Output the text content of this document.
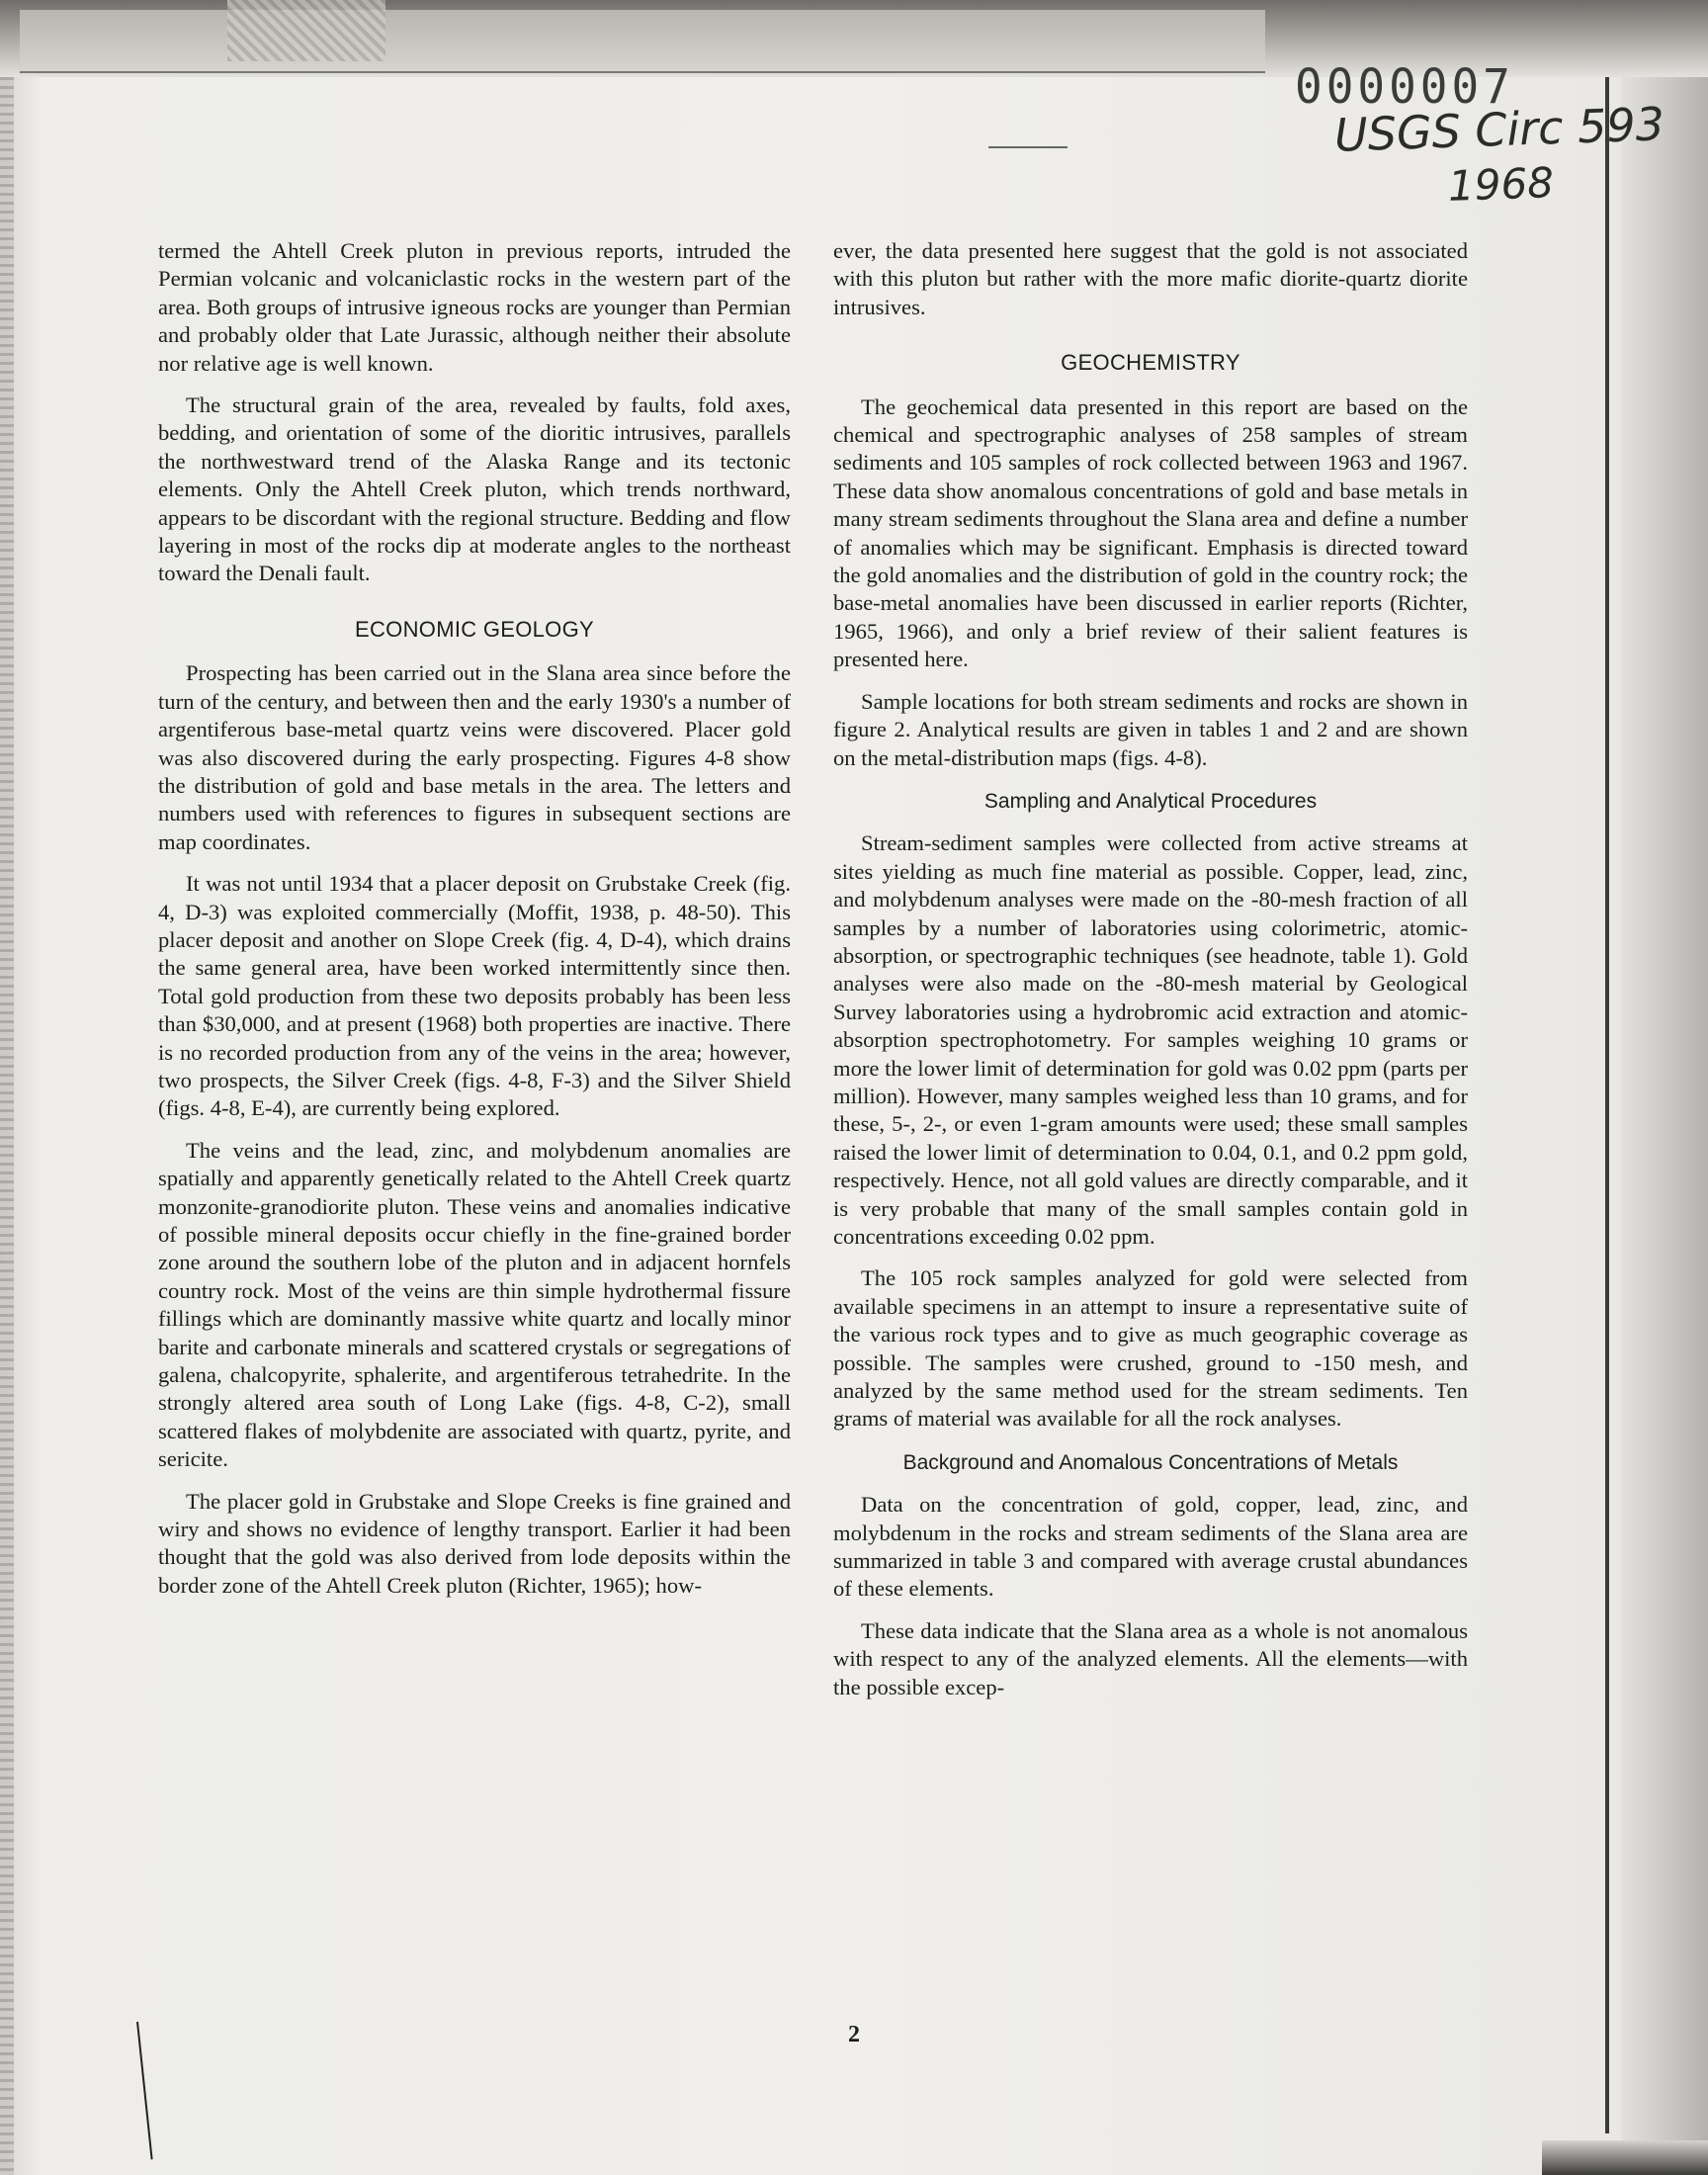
0000007
USGS Circ 593
1968

termed the Ahtell Creek pluton in previous reports, intruded the Permian volcanic and volcaniclastic rocks in the western part of the area. Both groups of intrusive igneous rocks are younger than Permian and probably older that Late Jurassic, although neither their absolute nor relative age is well known.

The structural grain of the area, revealed by faults, fold axes, bedding, and orientation of some of the dioritic intrusives, parallels the northwestward trend of the Alaska Range and its tectonic elements. Only the Ahtell Creek pluton, which trends northward, appears to be discordant with the regional structure. Bedding and flow layering in most of the rocks dip at moderate angles to the northeast toward the Denali fault.

ECONOMIC GEOLOGY

Prospecting has been carried out in the Slana area since before the turn of the century, and between then and the early 1930's a number of argentiferous base-metal quartz veins were discovered. Placer gold was also discovered during the early prospecting. Figures 4-8 show the distribution of gold and base metals in the area. The letters and numbers used with references to figures in subsequent sections are map coordinates.

It was not until 1934 that a placer deposit on Grubstake Creek (fig. 4, D-3) was exploited commercially (Moffit, 1938, p. 48-50). This placer deposit and another on Slope Creek (fig. 4, D-4), which drains the same general area, have been worked intermittently since then. Total gold production from these two deposits probably has been less than $30,000, and at present (1968) both properties are inactive. There is no recorded production from any of the veins in the area; however, two prospects, the Silver Creek (figs. 4-8, F-3) and the Silver Shield (figs. 4-8, E-4), are currently being explored.

The veins and the lead, zinc, and molybdenum anomalies are spatially and apparently genetically related to the Ahtell Creek quartz monzonite-granodiorite pluton. These veins and anomalies indicative of possible mineral deposits occur chiefly in the fine-grained border zone around the southern lobe of the pluton and in adjacent hornfels country rock. Most of the veins are thin simple hydrothermal fissure fillings which are dominantly massive white quartz and locally minor barite and carbonate minerals and scattered crystals or segregations of galena, chalcopyrite, sphalerite, and argentiferous tetrahedrite. In the strongly altered area south of Long Lake (figs. 4-8, C-2), small scattered flakes of molybdenite are associated with quartz, pyrite, and sericite.

The placer gold in Grubstake and Slope Creeks is fine grained and wiry and shows no evidence of lengthy transport. Earlier it had been thought that the gold was also derived from lode deposits within the border zone of the Ahtell Creek pluton (Richter, 1965); how-

ever, the data presented here suggest that the gold is not associated with this pluton but rather with the more mafic diorite-quartz diorite intrusives.

GEOCHEMISTRY

The geochemical data presented in this report are based on the chemical and spectrographic analyses of 258 samples of stream sediments and 105 samples of rock collected between 1963 and 1967. These data show anomalous concentrations of gold and base metals in many stream sediments throughout the Slana area and define a number of anomalies which may be significant. Emphasis is directed toward the gold anomalies and the distribution of gold in the country rock; the base-metal anomalies have been discussed in earlier reports (Richter, 1965, 1966), and only a brief review of their salient features is presented here.

Sample locations for both stream sediments and rocks are shown in figure 2. Analytical results are given in tables 1 and 2 and are shown on the metal-distribution maps (figs. 4-8).

Sampling and Analytical Procedures

Stream-sediment samples were collected from active streams at sites yielding as much fine material as possible. Copper, lead, zinc, and molybdenum analyses were made on the -80-mesh fraction of all samples by a number of laboratories using colorimetric, atomic-absorption, or spectrographic techniques (see headnote, table 1). Gold analyses were also made on the -80-mesh material by Geological Survey laboratories using a hydrobromic acid extraction and atomic-absorption spectrophotometry. For samples weighing 10 grams or more the lower limit of determination for gold was 0.02 ppm (parts per million). However, many samples weighed less than 10 grams, and for these, 5-, 2-, or even 1-gram amounts were used; these small samples raised the lower limit of determination to 0.04, 0.1, and 0.2 ppm gold, respectively. Hence, not all gold values are directly comparable, and it is very probable that many of the small samples contain gold in concentrations exceeding 0.02 ppm.

The 105 rock samples analyzed for gold were selected from available specimens in an attempt to insure a representative suite of the various rock types and to give as much geographic coverage as possible. The samples were crushed, ground to -150 mesh, and analyzed by the same method used for the stream sediments. Ten grams of material was available for all the rock analyses.

Background and Anomalous Concentrations of Metals

Data on the concentration of gold, copper, lead, zinc, and molybdenum in the rocks and stream sediments of the Slana area are summarized in table 3 and compared with average crustal abundances of these elements.

These data indicate that the Slana area as a whole is not anomalous with respect to any of the analyzed elements. All the elements—with the possible excep-

2
